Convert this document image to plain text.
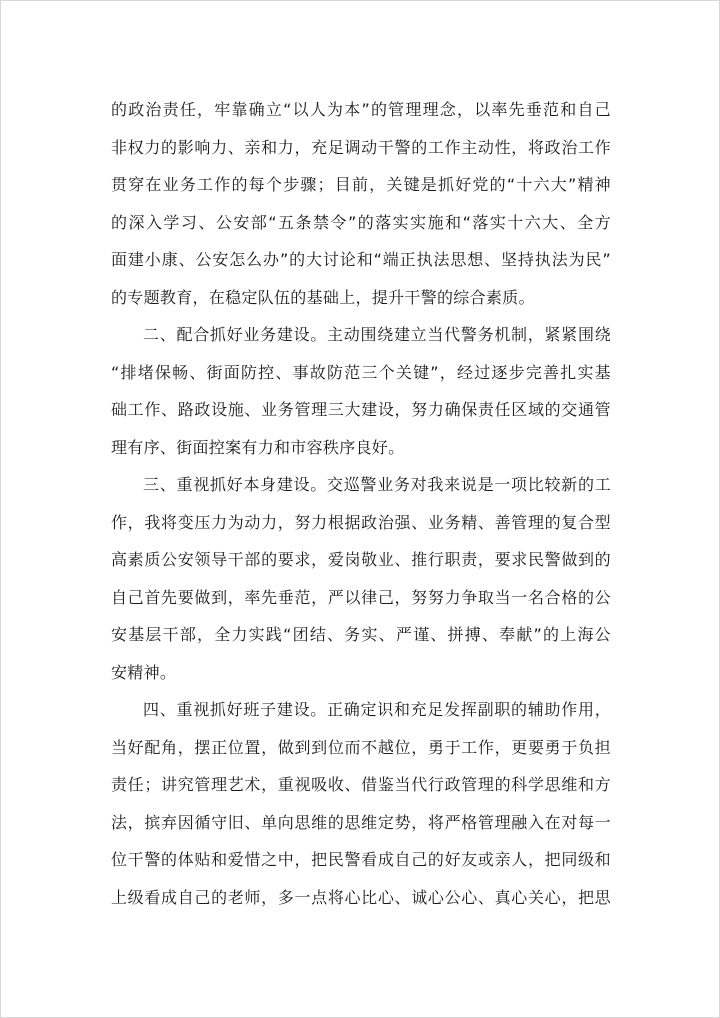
的政治责任，牢靠确立“以人为本”的管理理念，以率先垂范和自己
非权力的影响力、亲和力，充足调动干警的工作主动性，将政治工作
贯穿在业务工作的每个步骤；目前，关键是抓好党的“十六大”精神
的深入学习、公安部“五条禁令”的落实实施和“落实十六大、全方
面建小康、公安怎么办”的大讨论和“端正执法思想、坚持执法为民”
的专题教育，在稳定队伍的基础上，提升干警的综合素质。
二、配合抓好业务建设。主动围绕建立当代警务机制，紧紧围绕
“排堵保畅、街面防控、事故防范三个关键”，经过逐步完善扎实基
础工作、路政设施、业务管理三大建设，努力确保责任区域的交通管
理有序、街面控案有力和市容秩序良好。
三、重视抓好本身建设。交巡警业务对我来说是一项比较新的工
作，我将变压力为动力，努力根据政治强、业务精、善管理的复合型
高素质公安领导干部的要求，爱岗敬业、推行职责，要求民警做到的
自己首先要做到，率先垂范，严以律己，努努力争取当一名合格的公
安基层干部，全力实践“团结、务实、严谨、拼搏、奉献”的上海公
安精神。
四、重视抓好班子建设。正确定识和充足发挥副职的辅助作用，
当好配角，摆正位置，做到到位而不越位，勇于工作，更要勇于负担
责任；讲究管理艺术，重视吸收、借鉴当代行政管理的科学思维和方
法，摈弃因循守旧、单向思维的思维定势，将严格管理融入在对每一
位干警的体贴和爱惜之中，把民警看成自己的好友或亲人，把同级和
上级看成自己的老师，多一点将心比心、诚心公心、真心关心，把思
